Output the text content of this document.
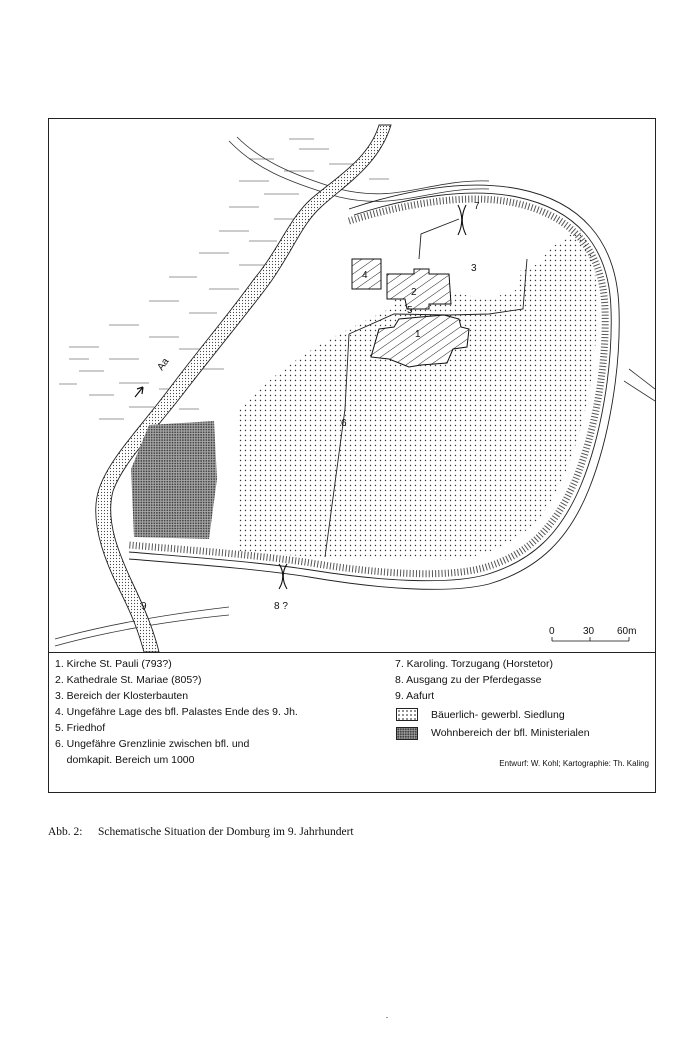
1
2
3
4
5
6
7
8 ?
9
Aa
0	30 60m
1. Kirche St. Pauli (793?)
2. Kathedrale St. Mariae (805?)
3. Bereich der Klosterbauten
4. Ungefähre Lage des bfl. Palastes Ende des 9. Jh.
5. Friedhof
6. Ungefähre Grenzlinie zwischen bfl. und
domkapit. Bereich um 1000
7. Karoling. Torzugang (Horstetor)
8. Ausgang zu der Pferdegasse
9. Aafurt
Bäuerlich- gewerbl. Siedlung
Wohnbereich der bfl. Ministerialen
Entwurf: W. Kohl; Kartographie: Th. Kaling
Abb. 2: Schematische Situation der Domburg im 9. Jahrhundert
